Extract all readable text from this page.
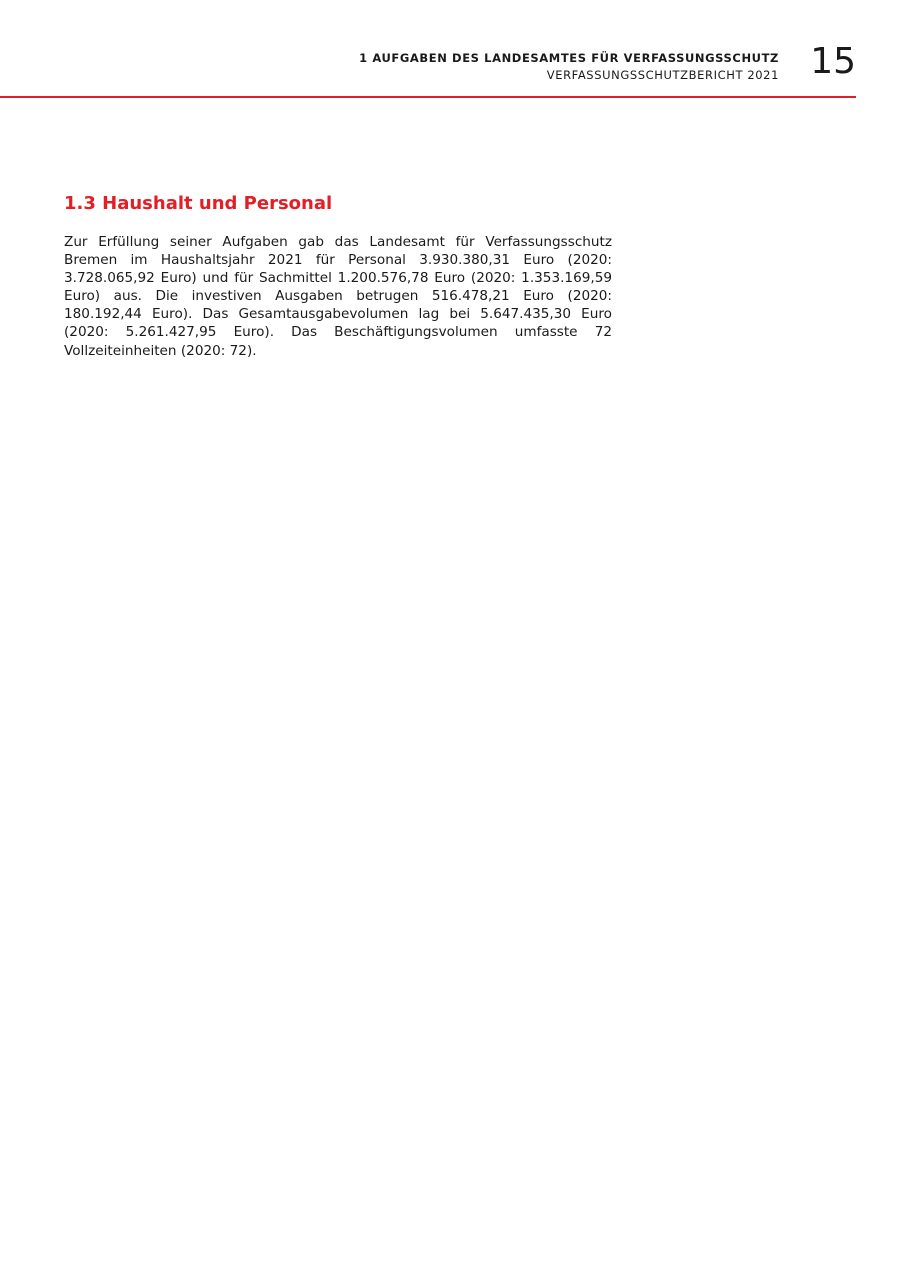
1 AUFGABEN DES LANDESAMTES FÜR VERFASSUNGSSCHUTZ
VERFASSUNGSSCHUTZBERICHT 2021 15
1.3 Haushalt und Personal

Zur Erfüllung seiner Aufgaben gab das Landesamt für Verfassungsschutz Bremen im Haushaltsjahr 2021 für Personal 3.930.380,31 Euro (2020: 3.728.065,92 Euro) und für Sachmittel 1.200.576,78 Euro (2020: 1.353.169,59 Euro) aus. Die investiven Ausgaben betrugen 516.478,21 Euro (2020: 180.192,44 Euro). Das Gesamtausgabevolumen lag bei 5.647.435,30 Euro (2020: 5.261.427,95 Euro). Das Beschäftigungsvolumen umfasste 72 Vollzeiteinheiten (2020: 72).
